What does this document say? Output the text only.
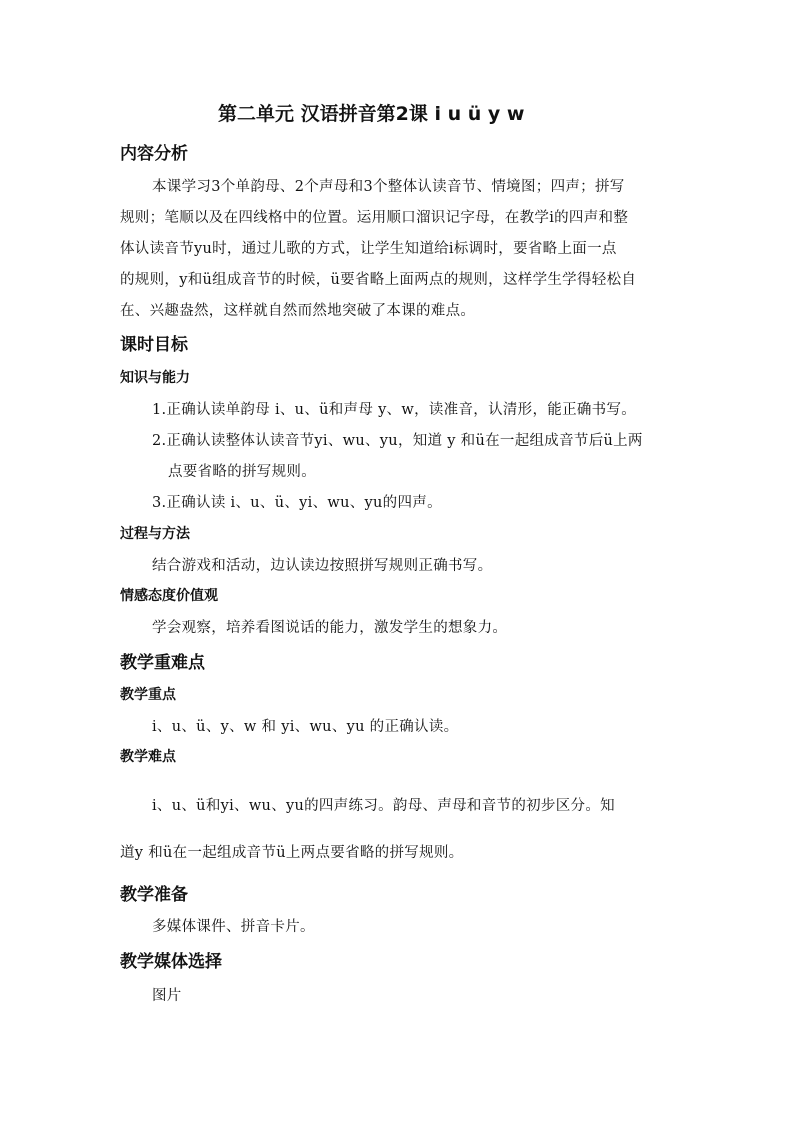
第二单元 汉语拼音第2课 i u ü y w
内容分析

本课学习3个单韵母、2个声母和3个整体认读音节、情境图；四声；拼写

规则；笔顺以及在四线格中的位置。运用顺口溜识记字母，在教学i的四声和整

体认读音节yu时，通过儿歌的方式，让学生知道给i标调时，要省略上面一点

的规则，y和ü组成音节的时候，ü要省略上面两点的规则，这样学生学得轻松自

在、兴趣盎然，这样就自然而然地突破了本课的难点。

课时目标
知识与能力

1.正确认读单韵母 i、u、ü和声母 y、w，读准音，认清形，能正确书写。

2.正确认读整体认读音节yi、wu、yu，知道 y 和ü在一起组成音节后ü上两

点要省略的拼写规则。

3.正确认读 i、u、ü、yi、wu、yu的四声。

过程与方法

结合游戏和活动，边认读边按照拼写规则正确书写。

情感态度价值观

学会观察，培养看图说话的能力，激发学生的想象力。

教学重难点
教学重点

i、u、ü、y、w 和 yi、wu、yu 的正确认读。

教学难点

i、u、ü和yi、wu、yu的四声练习。韵母、声母和音节的初步区分。知

道y 和ü在一起组成音节ü上两点要省略的拼写规则。

教学准备

多媒体课件、拼音卡片。

教学媒体选择

图片
